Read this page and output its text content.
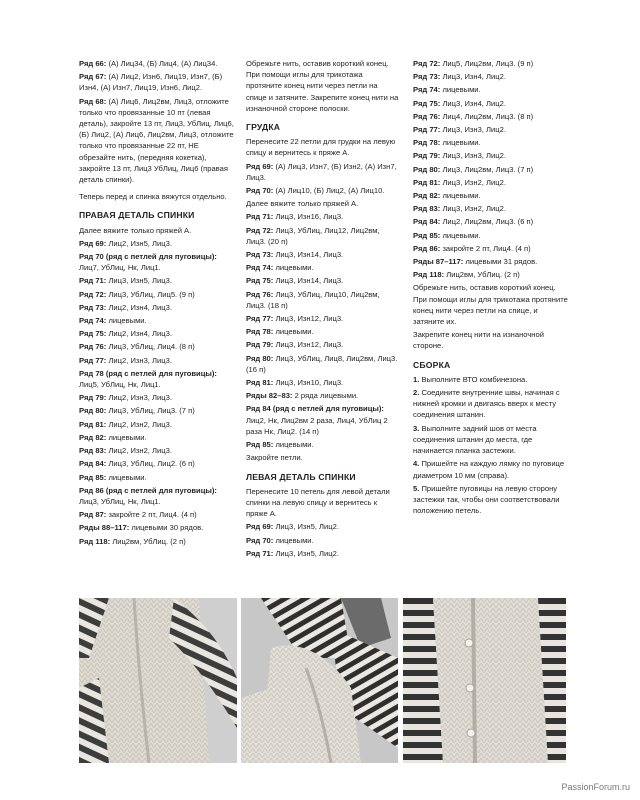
Ряд 66: (А) Лиц34, (Б) Лиц4, (А) Лиц34.
Ряд 67: (А) Лиц2, Изн6, Лиц19, Изн7, (Б) Изн4, (А) Изн7, Лиц19, Изн6, Лиц2.
Ряд 68: (А) Лиц6, Лиц2вм, Лиц3, отложите только что провязанные 10 пт (левая деталь), закройте 13 пт, Лиц3, УбЛиц, Лиц6, (Б) Лиц2, (А) Лиц6, Лиц2вм, Лиц3, отложите только что провязанные 22 пт, НЕ обрезайте нить, (передняя кокетка), закройте 13 пт, Лиц3 УбЛиц, Лиц6 (правая деталь спинки).
Теперь перед и спинка вяжутся отдельно.
ПРАВАЯ ДЕТАЛЬ СПИНКИ
Далее вяжите только пряжей А.
Ряд 69: Лиц2, Изн5, Лиц3.
Ряд 70 (ряд с петлей для пуговицы): Лиц7, УбЛиц, Нк, Лиц1.
Ряд 71: Лиц3, Изн5, Лиц3.
Ряд 72: Лиц3, УбЛиц, Лиц5. (9 п)
Ряд 73: Лиц2, Изн4, Лиц3.
Ряд 74: лицевыми.
Ряд 75: Лиц2, Изн4, Лиц3.
Ряд 76: Лиц3, УбЛиц, Лиц4. (8 п)
Ряд 77: Лиц2, Изн3, Лиц3.
Ряд 78 (ряд с петлей для пуговицы): Лиц5, УбЛиц, Нк, Лиц1.
Ряд 79: Лиц2, Изн3, Лиц3.
Ряд 80: Лиц3, УбЛиц, Лиц3. (7 п)
Ряд 81: Лиц2, Изн2, Лиц3.
Ряд 82: лицевыми.
Ряд 83: Лиц2, Изн2, Лиц3.
Ряд 84: Лиц3, УбЛиц, Лиц2. (6 п)
Ряд 85: лицевыми.
Ряд 86 (ряд с петлей для пуговицы): Лиц3, УбЛиц, Нк, Лиц1.
Ряд 87: закройте 2 пт, Лиц4. (4 п)
Ряды 88–117: лицевыми 30 рядов.
Ряд 118: Лиц2вм, УбЛиц. (2 п)
Обрежьте нить, оставив короткий конец. При помощи иглы для трикотажа протяните конец нити через петли на спице и затяните. Закрепите конец нити на изнаночной стороне полоски.
ГРУДКА
Перенесите 22 петли для грудки на левую спицу и вернитесь к пряже А.
Ряд 69: (А) Лиц3, Изн7, (Б) Изн2, (А) Изн7, Лиц3.
Ряд 70: (А) Лиц10, (Б) Лиц2, (А) Лиц10.
Далее вяжите только пряжей А.
Ряд 71: Лиц3, Изн16, Лиц3.
Ряд 72: Лиц3, УбЛиц, Лиц12, Лиц2вм, Лиц3. (20 п)
Ряд 73: Лиц3, Изн14, Лиц3.
Ряд 74: лицевыми.
Ряд 75: Лиц3, Изн14, Лиц3.
Ряд 76: Лиц3, УбЛиц, Лиц10, Лиц2вм, Лиц3. (18 п)
Ряд 77: Лиц3, Изн12, Лиц3.
Ряд 78: лицевыми.
Ряд 79: Лиц3, Изн12, Лиц3.
Ряд 80: Лиц3, УбЛиц, Лиц8, Лиц2вм, Лиц3. (16 п)
Ряд 81: Лиц3, Изн10, Лиц3.
Ряды 82–83: 2 ряда лицевыми.
Ряд 84 (ряд с петлей для пуговицы): Лиц2, Нк, Лиц2вм 2 раза, Лиц4, УбЛиц 2 раза Нк, Лиц2. (14 п)
Ряд 85: лицевыми.
Закройте петли.
ЛЕВАЯ ДЕТАЛЬ СПИНКИ
Перенесите 10 петель для левой детали спинки на левую спицу и вернитесь к пряже А.
Ряд 69: Лиц3, Изн5, Лиц2.
Ряд 70: лицевыми.
Ряд 71: Лиц3, Изн5, Лиц2.
Ряд 72: Лиц5, Лиц2вм, Лиц3. (9 п)
Ряд 73: Лиц3, Изн4, Лиц2.
Ряд 74: лицевыми.
Ряд 75: Лиц3, Изн4, Лиц2.
Ряд 76: Лиц4, Лиц2вм, Лиц3. (8 п)
Ряд 77: Лиц3, Изн3, Лиц2.
Ряд 78: лицевыми.
Ряд 79: Лиц3, Изн3, Лиц2.
Ряд 80: Лиц3, Лиц2вм, Лиц3. (7 п)
Ряд 81: Лиц3, Изн2, Лиц2.
Ряд 82: лицевыми.
Ряд 83: Лиц3, Изн2, Лиц2.
Ряд 84: Лиц2, Лиц2вм, Лиц3. (6 п)
Ряд 85: лицевыми.
Ряд 86: закройте 2 пт, Лиц4. (4 п)
Ряды 87–117: лицевыми 31 рядов.
Ряд 118: Лиц2вм, УбЛиц. (2 п)
Обрежьте нить, оставив короткий конец. При помощи иглы для трикотажа протяните конец нити через петли на спице, и затяните их.
Закрепите конец нити на изнаночной стороне.
СБОРКА
1. Выполните ВТО комбинезона.
2. Соедините внутренние швы, начиная с нижней кромки и двигаясь вверх к месту соединения штанин.
3. Выполните задний шов от места соединения штанин до места, где начинается планка застежки.
4. Пришейте на каждую лямку по пуговице диаметром 10 мм (справа).
5. Пришейте пуговицы на левую сторону застежки так, чтобы они соответствовали положению петель.
PassionForum.ru
